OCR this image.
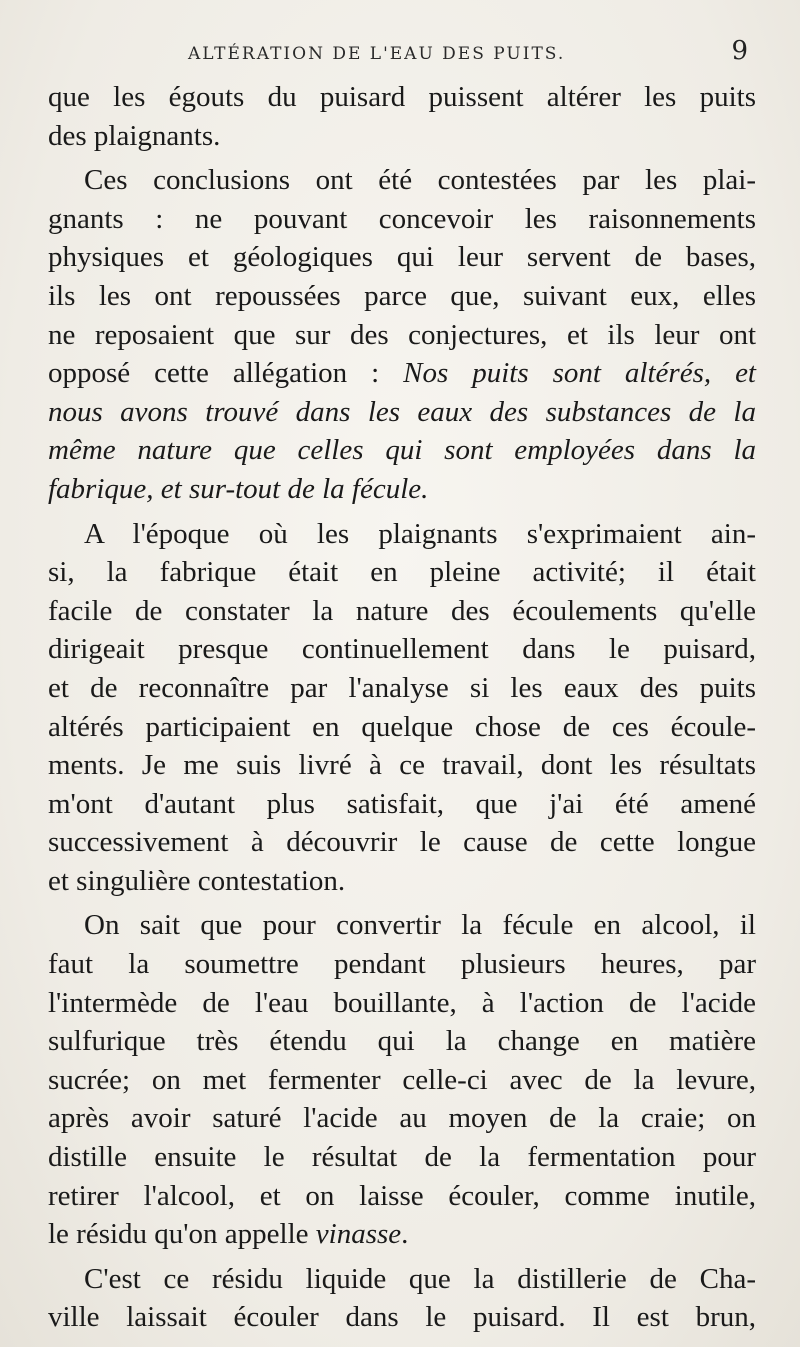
ALTÉRATION DE L'EAU DES PUITS.	9
que les égouts du puisard puissent altérer les puits
des plaignants.
Ces conclusions ont été contestées par les plai-
gnants : ne pouvant concevoir les raisonnements
physiques et géologiques qui leur servent de bases,
ils les ont repoussées parce que, suivant eux, elles
ne reposaient que sur des conjectures, et ils leur ont
opposé cette allégation : Nos puits sont altérés, et
nous avons trouvé dans les eaux des substances de la
même nature que celles qui sont employées dans la
fabrique, et sur-tout de la fécule.
A l'époque où les plaignants s'exprimaient ain-
si, la fabrique était en pleine activité; il était
facile de constater la nature des écoulements qu'elle
dirigeait presque continuellement dans le puisard,
et de reconnaître par l'analyse si les eaux des puits
altérés participaient en quelque chose de ces écoule-
ments. Je me suis livré à ce travail, dont les résultats
m'ont d'autant plus satisfait, que j'ai été amené
successivement à découvrir le cause de cette longue
et singulière contestation.
On sait que pour convertir la fécule en alcool, il
faut la soumettre pendant plusieurs heures, par
l'intermède de l'eau bouillante, à l'action de l'acide
sulfurique très étendu qui la change en matière
sucrée; on met fermenter celle-ci avec de la levure,
après avoir saturé l'acide au moyen de la craie; on
distille ensuite le résultat de la fermentation pour
retirer l'alcool, et on laisse écouler, comme inutile,
le résidu qu'on appelle vinasse.
C'est ce résidu liquide que la distillerie de Cha-
ville laissait écouler dans le puisard. Il est brun,
